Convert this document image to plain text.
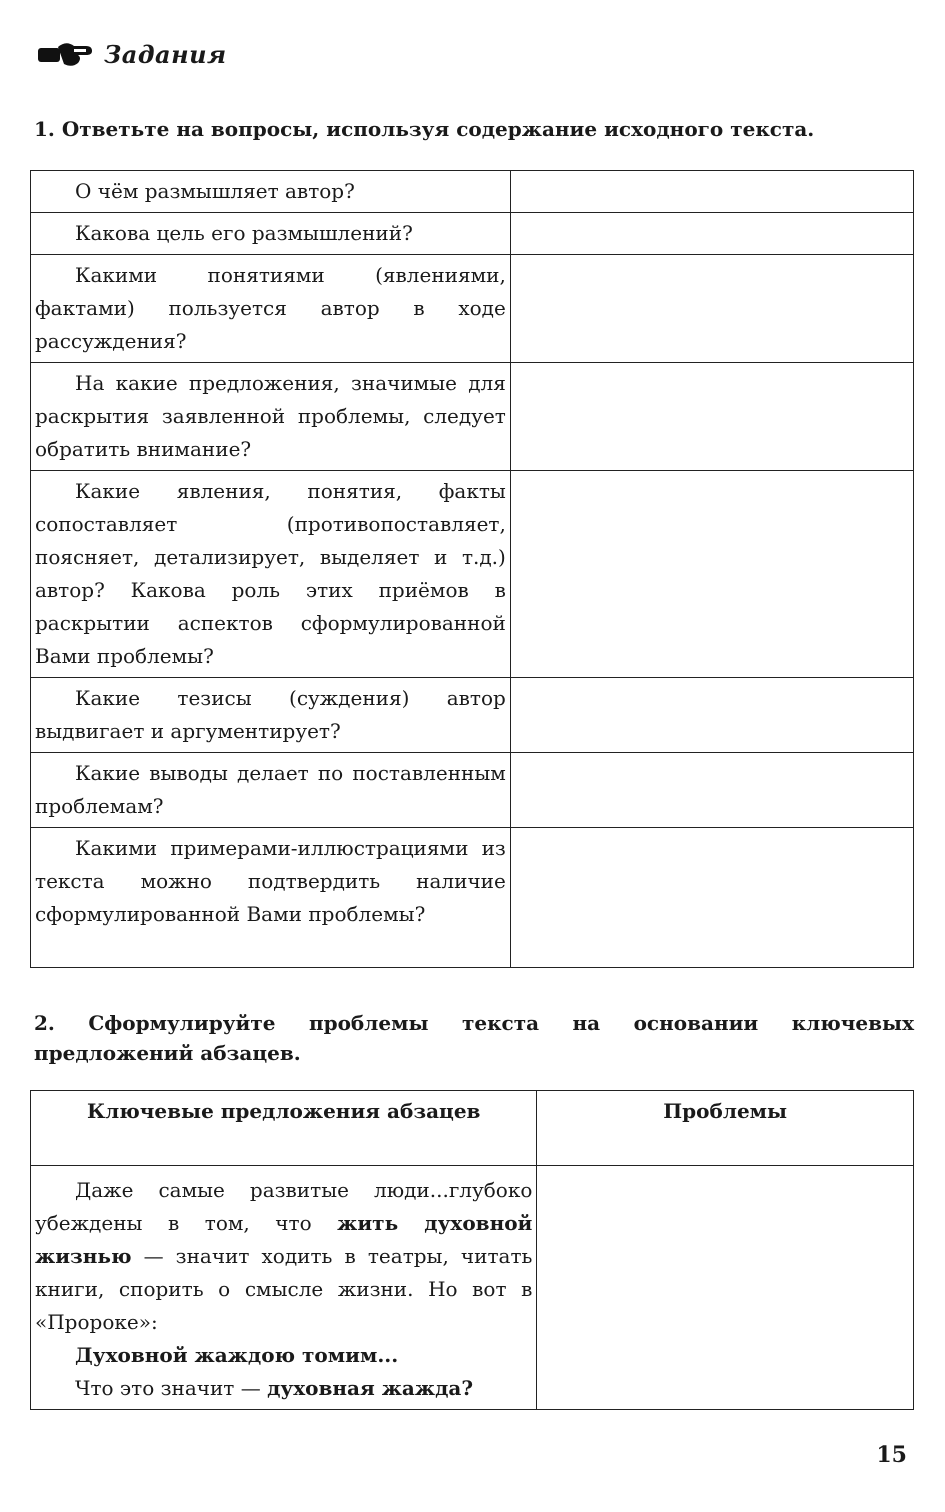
Задания
1. Ответьте на вопросы, используя содержание исходного текста.
О чём размышляет автор?	
Какова цель его размышлений?	
Какими понятиями (явлениями, фактами) пользуется автор в ходе рассуждения?	
На какие предложения, значимые для раскрытия заявленной проблемы, следует обратить внимание?	
Какие явления, понятия, факты сопоставляет (противопоставляет, поясняет, детализирует, выделяет и т.д.) автор? Какова роль этих приёмов в раскрытии аспектов сформулированной Вами проблемы?	
Какие тезисы (суждения) автор выдвигает и аргументирует?	
Какие выводы делает по поставленным проблемам?	
Какими примерами-иллюстрациями из текста можно подтвердить наличие сформулированной Вами проблемы?	
2. Сформулируйте проблемы текста на основании ключевых предложений абзацев.
Ключевые предложения абзацев	Проблемы

Даже самые развитые люди...глубоко убеждены в том, что жить духовной жизнью — значит ходить в театры, читать книги, спорить о смысле жизни. Но вот в «Пророке»:
Духовной жаждою томим...
Что это значит — духовная жажда?	

15
